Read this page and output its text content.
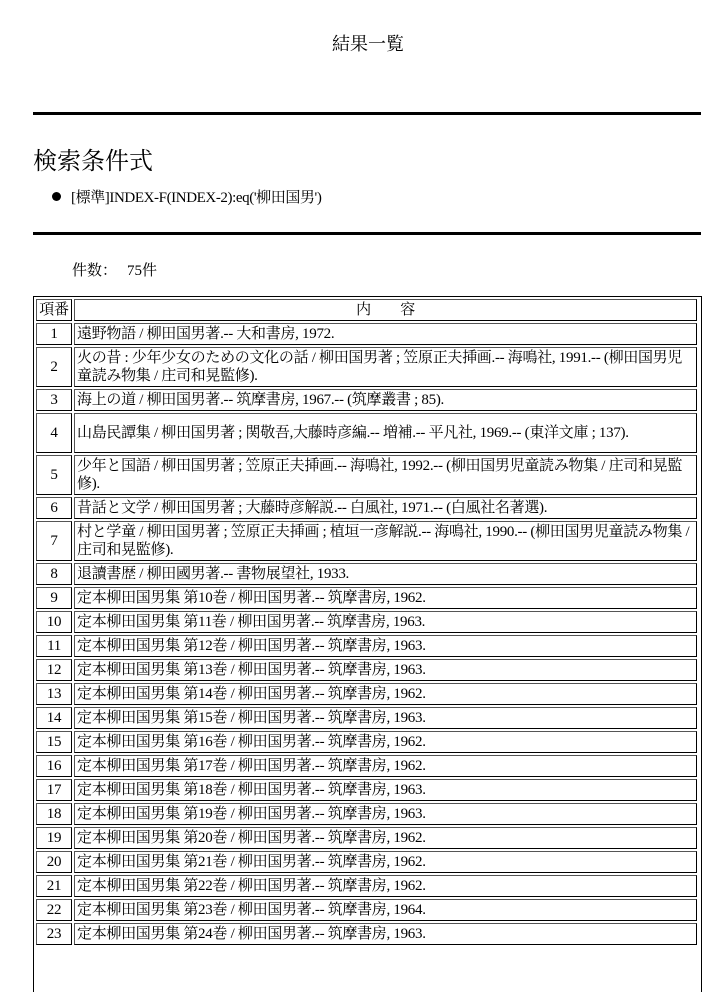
結果一覧
検索条件式
[標準]INDEX-F(INDEX-2):eq('柳田国男')
件数： 75件
項番	内　　容
1	遠野物語 / 柳田国男著.-- 大和書房, 1972.
2	火の昔 : 少年少女のための文化の話 / 柳田国男著 ; 笠原正夫挿画.-- 海鳴社, 1991.-- (柳田国男児童読み物集 / 庄司和晃監修).
3	海上の道 / 柳田国男著.-- 筑摩書房, 1967.-- (筑摩叢書 ; 85).
4	山島民譚集 / 柳田国男著 ; 関敬吾,大藤時彦編.-- 増補.-- 平凡社, 1969.-- (東洋文庫 ; 137).
5	少年と国語 / 柳田国男著 ; 笠原正夫挿画.-- 海鳴社, 1992.-- (柳田国男児童読み物集 / 庄司和晃監修).
6	昔話と文学 / 柳田国男著 ; 大藤時彦解説.-- 白風社, 1971.-- (白風社名著選).
7	村と学童 / 柳田国男著 ; 笠原正夫挿画 ; 植垣一彦解説.-- 海鳴社, 1990.-- (柳田国男児童読み物集 / 庄司和晃監修).
8	退讀書歴 / 柳田國男著.-- 書物展望社, 1933.
9	定本柳田国男集 第10巻 / 柳田国男著.-- 筑摩書房, 1962.
10	定本柳田国男集 第11巻 / 柳田国男著.-- 筑摩書房, 1963.
11	定本柳田国男集 第12巻 / 柳田国男著.-- 筑摩書房, 1963.
12	定本柳田国男集 第13巻 / 柳田国男著.-- 筑摩書房, 1963.
13	定本柳田国男集 第14巻 / 柳田国男著.-- 筑摩書房, 1962.
14	定本柳田国男集 第15巻 / 柳田国男著.-- 筑摩書房, 1963.
15	定本柳田国男集 第16巻 / 柳田国男著.-- 筑摩書房, 1962.
16	定本柳田国男集 第17巻 / 柳田国男著.-- 筑摩書房, 1962.
17	定本柳田国男集 第18巻 / 柳田国男著.-- 筑摩書房, 1963.
18	定本柳田国男集 第19巻 / 柳田国男著.-- 筑摩書房, 1963.
19	定本柳田国男集 第20巻 / 柳田国男著.-- 筑摩書房, 1962.
20	定本柳田国男集 第21巻 / 柳田国男著.-- 筑摩書房, 1962.
21	定本柳田国男集 第22巻 / 柳田国男著.-- 筑摩書房, 1962.
22	定本柳田国男集 第23巻 / 柳田国男著.-- 筑摩書房, 1964.
23	定本柳田国男集 第24巻 / 柳田国男著.-- 筑摩書房, 1963.
